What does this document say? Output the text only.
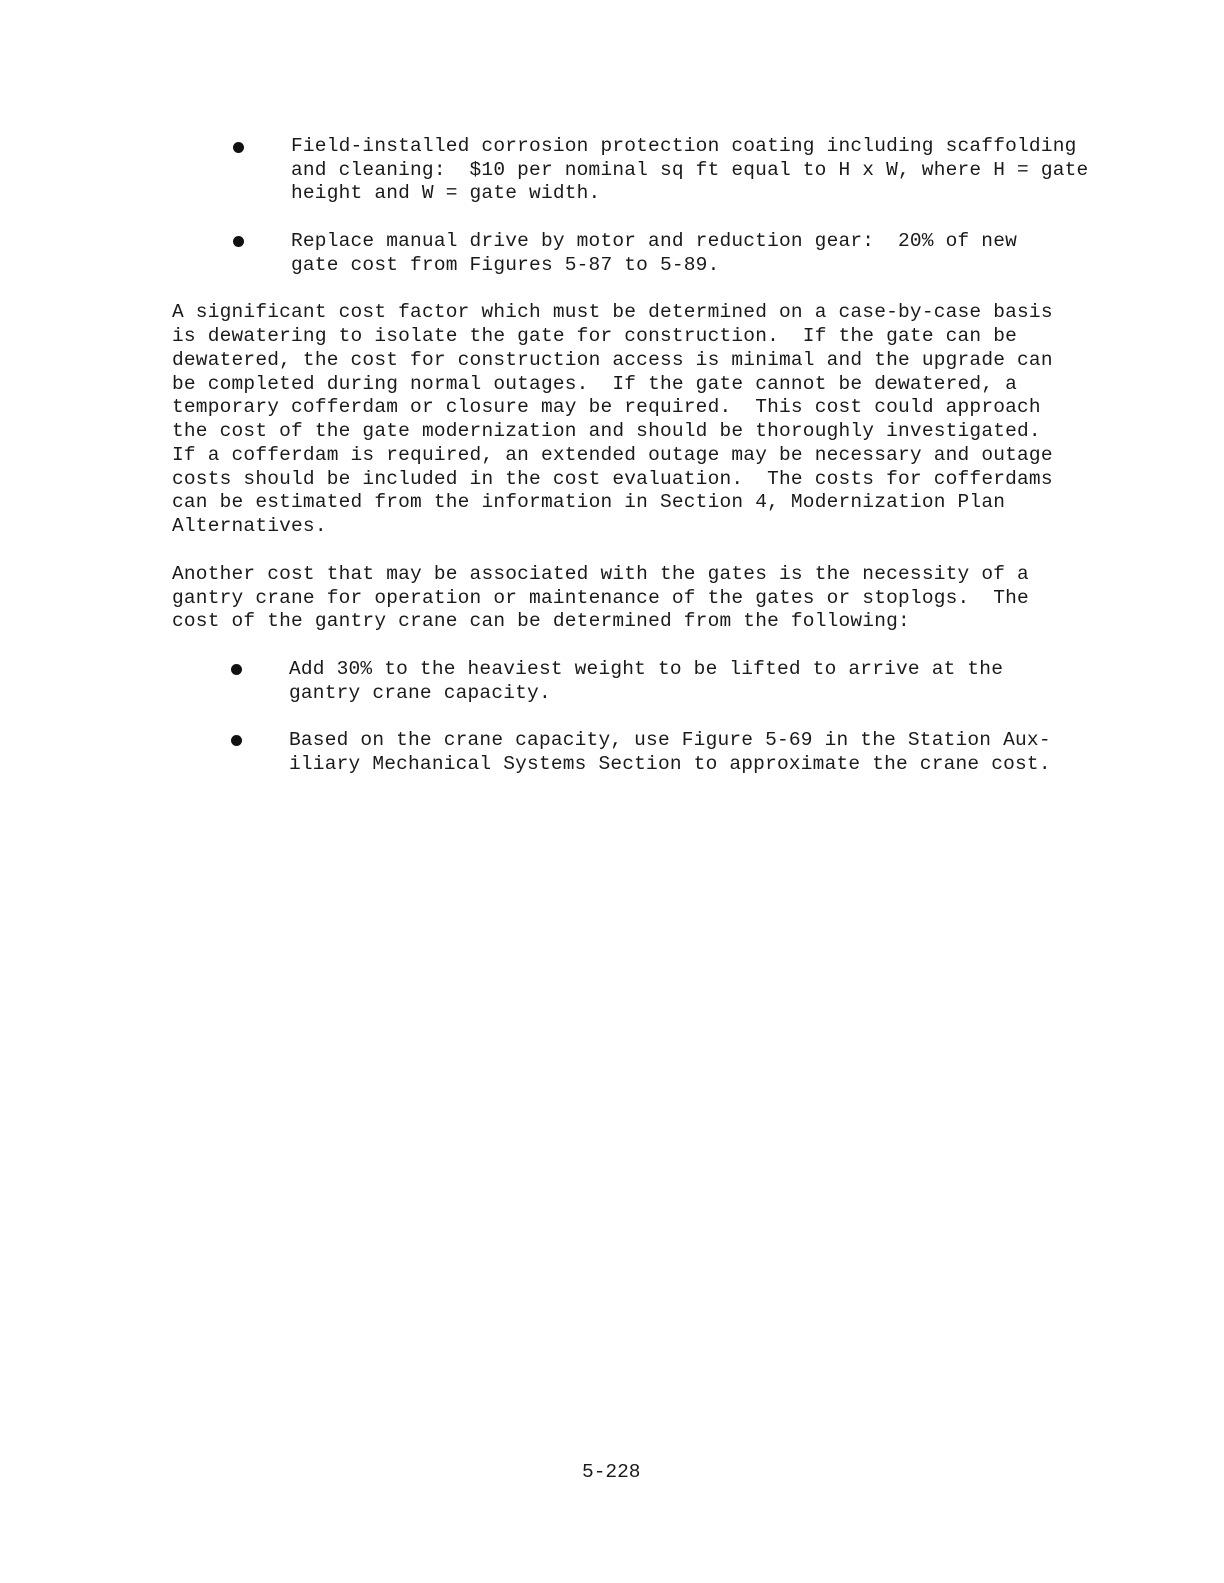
Field-installed corrosion protection coating including scaffolding
and cleaning:  $10 per nominal sq ft equal to H x W, where H = gate
height and W = gate width.
Replace manual drive by motor and reduction gear:  20% of new
gate cost from Figures 5-87 to 5-89.
A significant cost factor which must be determined on a case-by-case basis
is dewatering to isolate the gate for construction.  If the gate can be
dewatered, the cost for construction access is minimal and the upgrade can
be completed during normal outages.  If the gate cannot be dewatered, a
temporary cofferdam or closure may be required.  This cost could approach
the cost of the gate modernization and should be thoroughly investigated.
If a cofferdam is required, an extended outage may be necessary and outage
costs should be included in the cost evaluation.  The costs for cofferdams
can be estimated from the information in Section 4, Modernization Plan
Alternatives.
Another cost that may be associated with the gates is the necessity of a
gantry crane for operation or maintenance of the gates or stoplogs.  The
cost of the gantry crane can be determined from the following:
Add 30% to the heaviest weight to be lifted to arrive at the
gantry crane capacity.
Based on the crane capacity, use Figure 5-69 in the Station Aux-
iliary Mechanical Systems Section to approximate the crane cost.
5-228
